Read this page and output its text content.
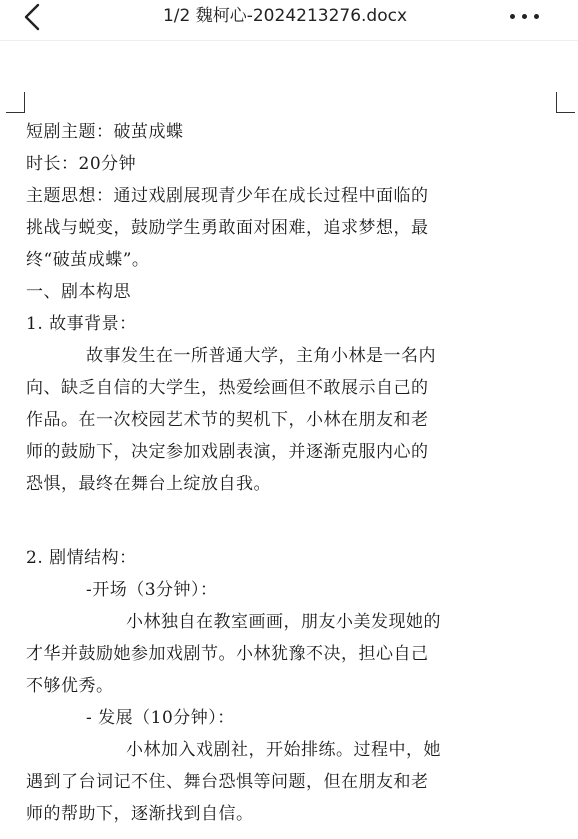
1/2 魏柯心-2024213276.docx
短剧主题：破茧成蝶
时长：20分钟
主题思想：通过戏剧展现青少年在成长过程中面临的
挑战与蜕变，鼓励学生勇敢面对困难，追求梦想，最
终“破茧成蝶”。
一、剧本构思
1. 故事背景：
故事发生在一所普通大学，主角小林是一名内
向、缺乏自信的大学生，热爱绘画但不敢展示自己的
作品。在一次校园艺术节的契机下，小林在朋友和老
师的鼓励下，决定参加戏剧表演，并逐渐克服内心的
恐惧，最终在舞台上绽放自我。
2. 剧情结构：
-开场（3分钟）：
小林独自在教室画画，朋友小美发现她的
才华并鼓励她参加戏剧节。小林犹豫不决，担心自己
不够优秀。
- 发展（10分钟）：
小林加入戏剧社，开始排练。过程中，她
遇到了台词记不住、舞台恐惧等问题，但在朋友和老
师的帮助下，逐渐找到自信。
